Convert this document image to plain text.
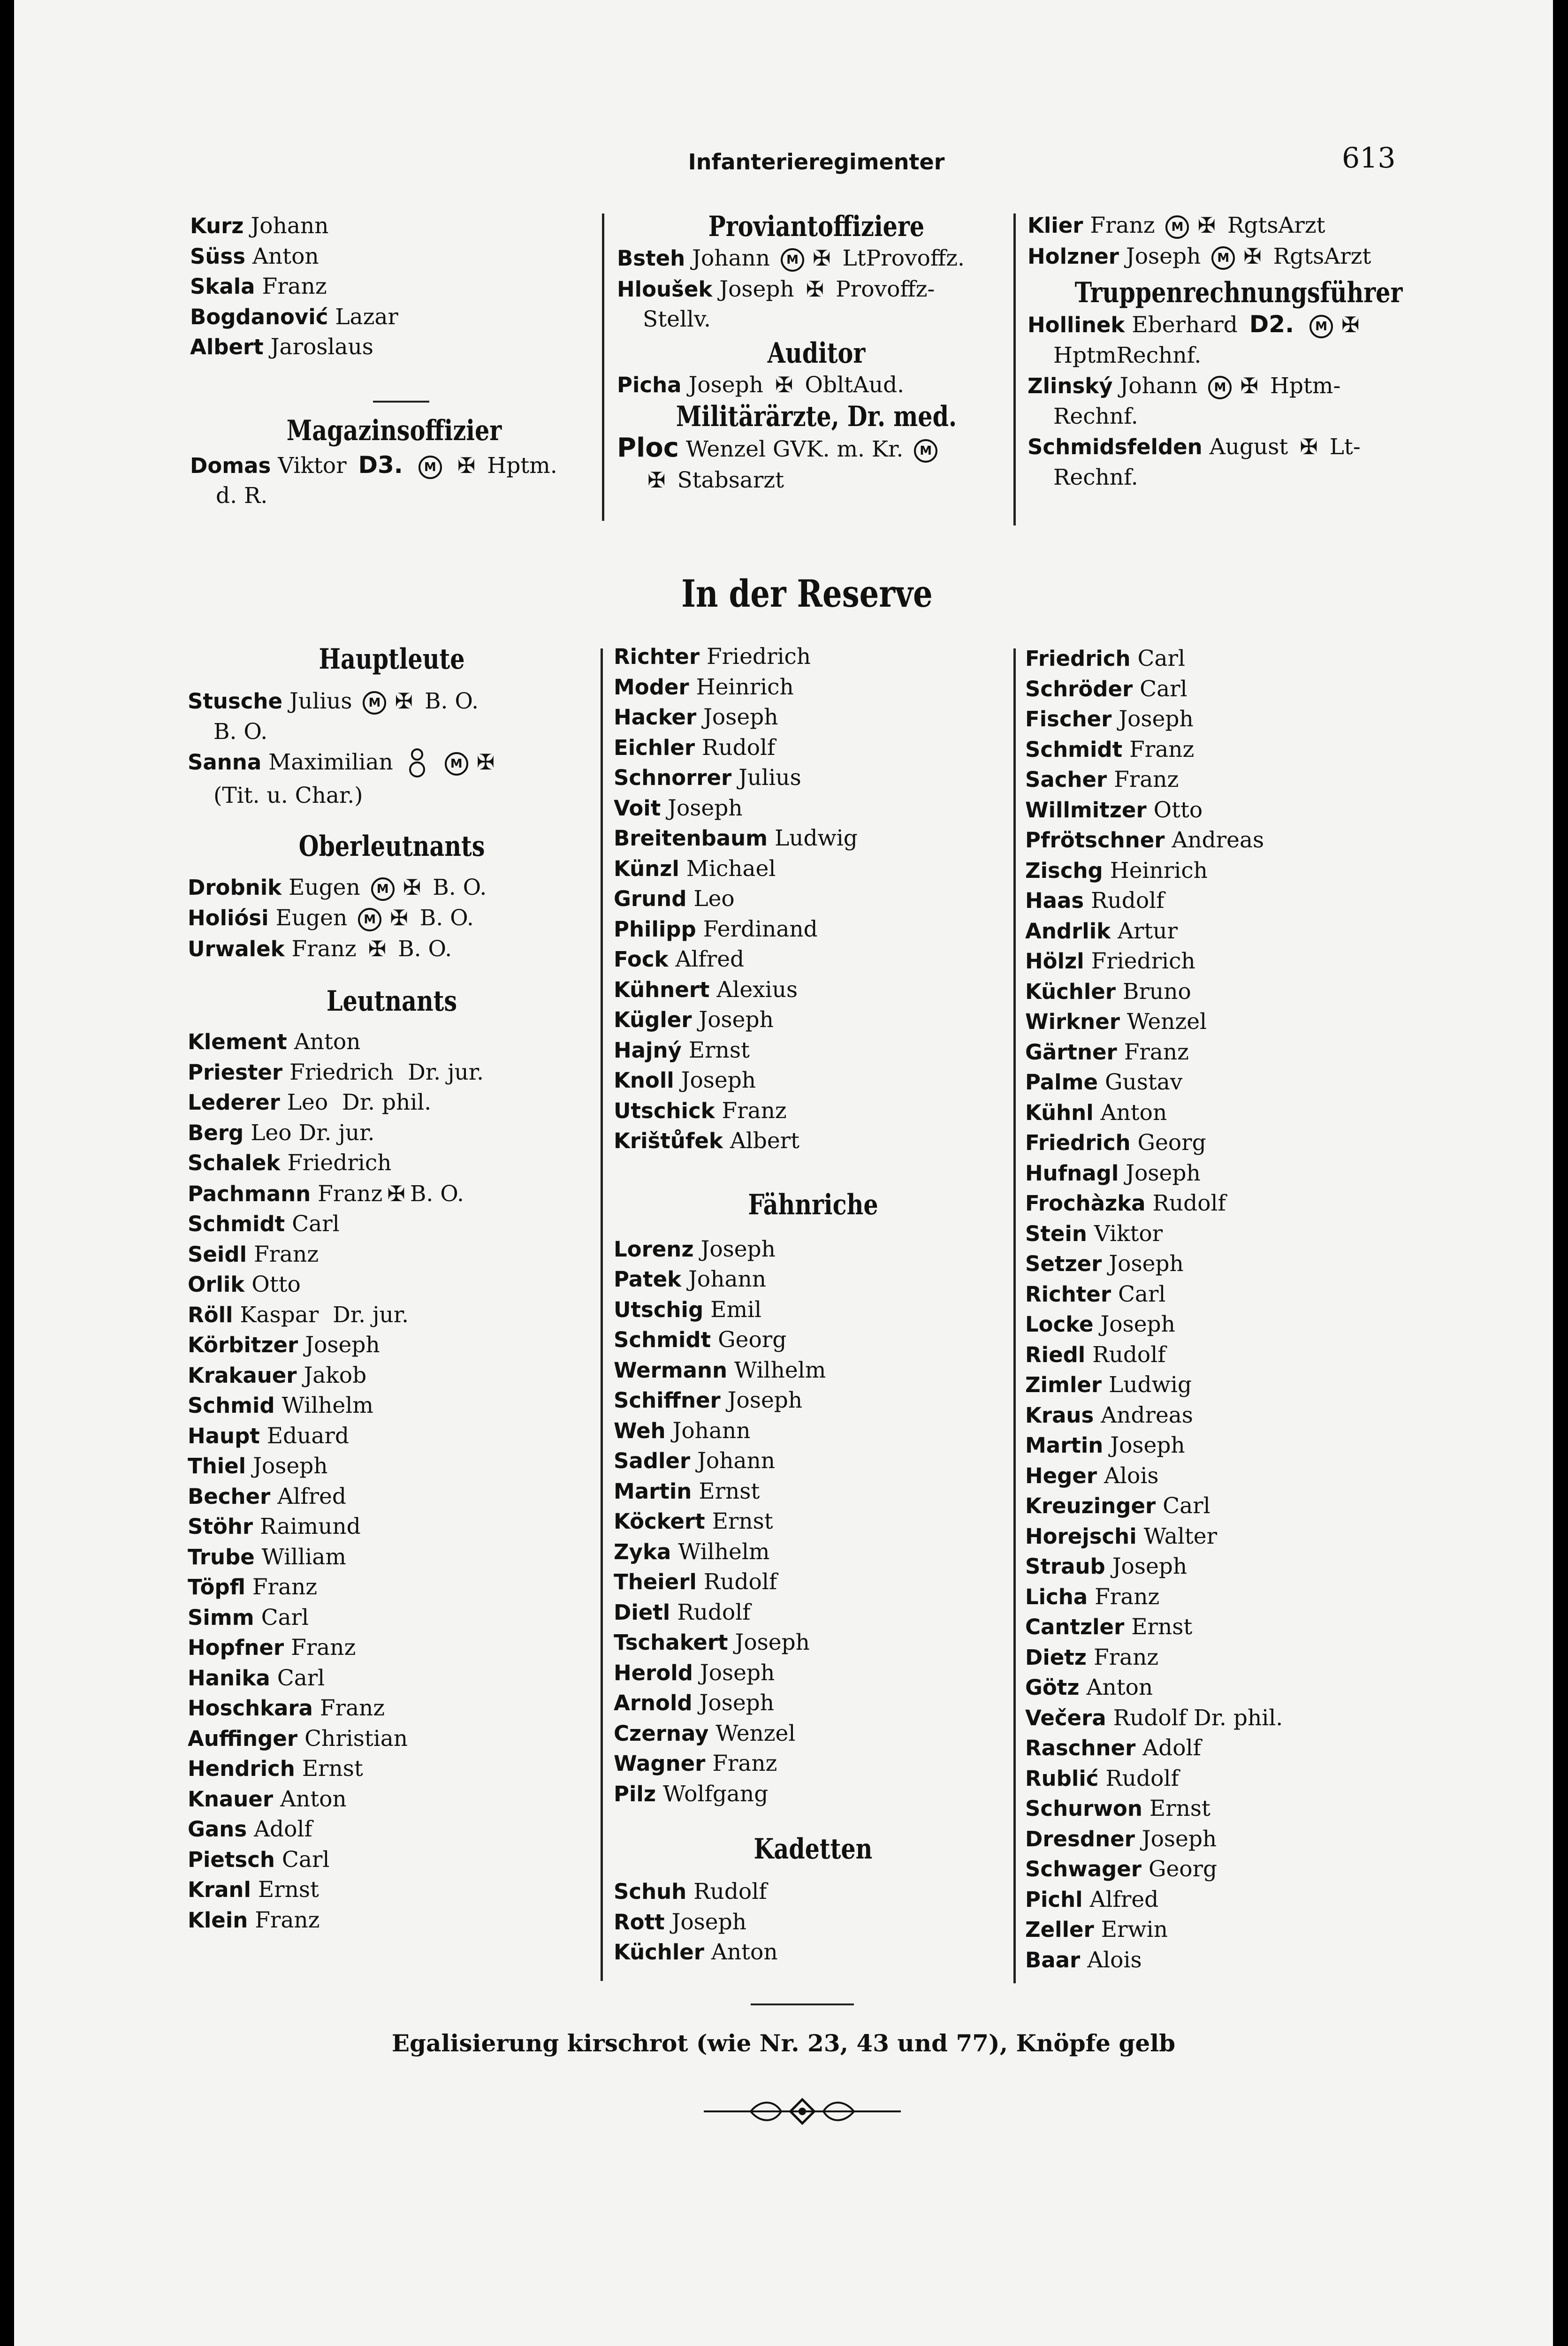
Infanterieregimenter	613
Kurz Johann
Süss Anton
Skala Franz
Bogdanović Lazar
Albert Jaroslaus
Magazinsoffizier
Domas Viktor D3. M ✠ Hptm.
d. R.
Proviantoffiziere
Bsteh Johann M ✠ LtProvoffz.
Hloušek Joseph ✠ Provoffz-
Stellv.
Auditor
Picha Joseph ✠ ObltAud.
Militärärzte, Dr. med.
Ploc Wenzel GVK. m. Kr. M
✠ Stabsarzt
Klier Franz M ✠ RgtsArzt
Holzner Joseph M ✠ RgtsArzt
Truppenrechnungsführer
Hollinek Eberhard D2. M ✠
HptmRechnf.
Zlinský Johann M ✠ Hptm-
Rechnf.
Schmidsfelden August ✠ Lt-
Rechnf.
In der Reserve
Hauptleute
Stusche Julius M ✠ B. O.
B. O.
Sanna Maximilian	M ✠
(Tit. u. Char.)
Oberleutnants
Drobnik Eugen M ✠ B. O.
Holiósi Eugen M ✠ B. O.
Urwalek Franz ✠ B. O.
Leutnants
Klement Anton
Priester Friedrich Dr. jur.
Lederer Leo Dr. phil.
Berg Leo Dr. jur.
Schalek Friedrich
Pachmann Franz ✠ B. O.
Schmidt Carl
Seidl Franz
Orlik Otto
Röll Kaspar Dr. jur.
Körbitzer Joseph
Krakauer Jakob
Schmid Wilhelm
Haupt Eduard
Thiel Joseph
Becher Alfred
Stöhr Raimund
Trube William
Töpfl Franz
Simm Carl
Hopfner Franz
Hanika Carl
Hoschkara Franz
Auffinger Christian
Hendrich Ernst
Knauer Anton
Gans Adolf
Pietsch Carl
Kranl Ernst
Klein Franz
Richter Friedrich
Moder Heinrich
Hacker Joseph
Eichler Rudolf
Schnorrer Julius
Voit Joseph
Breitenbaum Ludwig
Künzl Michael
Grund Leo
Philipp Ferdinand
Fock Alfred
Kühnert Alexius
Kügler Joseph
Hajný Ernst
Knoll Joseph
Utschick Franz
Krištůfek Albert
Fähnriche
Lorenz Joseph
Patek Johann
Utschig Emil
Schmidt Georg
Wermann Wilhelm
Schiffner Joseph
Weh Johann
Sadler Johann
Martin Ernst
Köckert Ernst
Zyka Wilhelm
Theierl Rudolf
Dietl Rudolf
Tschakert Joseph
Herold Joseph
Arnold Joseph
Czernay Wenzel
Wagner Franz
Pilz Wolfgang
Kadetten
Schuh Rudolf
Rott Joseph
Küchler Anton
Friedrich Carl
Schröder Carl
Fischer Joseph
Schmidt Franz
Sacher Franz
Willmitzer Otto
Pfrötschner Andreas
Zischg Heinrich
Haas Rudolf
Andrlik Artur
Hölzl Friedrich
Küchler Bruno
Wirkner Wenzel
Gärtner Franz
Palme Gustav
Kühnl Anton
Friedrich Georg
Hufnagl Joseph
Frochàzka Rudolf
Stein Viktor
Setzer Joseph
Richter Carl
Locke Joseph
Riedl Rudolf
Zimler Ludwig
Kraus Andreas
Martin Joseph
Heger Alois
Kreuzinger Carl
Horejschi Walter
Straub Joseph
Licha Franz
Cantzler Ernst
Dietz Franz
Götz Anton
Večera Rudolf Dr. phil.
Raschner Adolf
Rublić Rudolf
Schurwon Ernst
Dresdner Joseph
Schwager Georg
Pichl Alfred
Zeller Erwin
Baar Alois
Egalisierung kirschrot (wie Nr. 23, 43 und 77), Knöpfe gelb
